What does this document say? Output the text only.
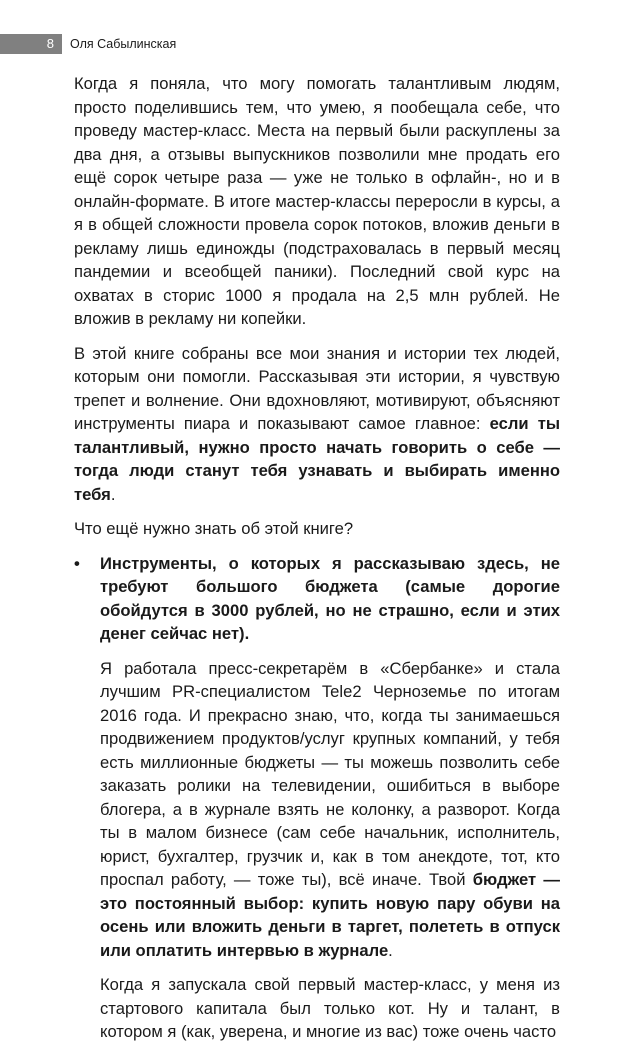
8	Оля Сабылинская

Когда я поняла, что могу помогать талантливым людям, просто поделившись тем, что умею, я пообещала себе, что проведу мастер-класс. Места на первый были раскуплены за два дня, а отзывы выпускников позволили мне продать его ещё сорок четыре раза — уже не только в офлайн-, но и в онлайн-формате. В итоге мастер-классы переросли в курсы, а я в общей сложности провела сорок потоков, вложив деньги в рекламу лишь единожды (подстраховалась в первый месяц пандемии и всеобщей паники). Последний свой курс на охватах в сторис 1000 я продала на 2,5 млн рублей. Не вложив в рекламу ни копейки.

В этой книге собраны все мои знания и истории тех людей, которым они помогли. Рассказывая эти истории, я чувствую трепет и волнение. Они вдохновляют, мотивируют, объясняют инструменты пиара и показывают самое главное: если ты талантливый, нужно просто начать говорить о себе — тогда люди станут тебя узнавать и выбирать именно тебя.

Что ещё нужно знать об этой книге?

• Инструменты, о которых я рассказываю здесь, не требуют большого бюджета (самые дорогие обойдутся в 3000 рублей, но не страшно, если и этих денег сейчас нет).

Я работала пресс-секретарём в «Сбербанке» и стала лучшим PR-специалистом Tele2 Черноземье по итогам 2016 года. И прекрасно знаю, что, когда ты занимаешься продвижением продуктов/услуг крупных компаний, у тебя есть миллионные бюджеты — ты можешь позволить себе заказать ролики на телевидении, ошибиться в выборе блогера, а в журнале взять не колонку, а разворот. Когда ты в малом бизнесе (сам себе начальник, исполнитель, юрист, бухгалтер, грузчик и, как в том анекдоте, тот, кто проспал работу, — тоже ты), всё иначе. Твой бюджет — это постоянный выбор: купить новую пару обуви на осень или вложить деньги в таргет, полететь в отпуск или оплатить интервью в журнале.

Когда я запускала свой первый мастер-класс, у меня из стартового капитала был только кот. Ну и талант, в котором я (как, уверена, и многие из вас) тоже очень часто
